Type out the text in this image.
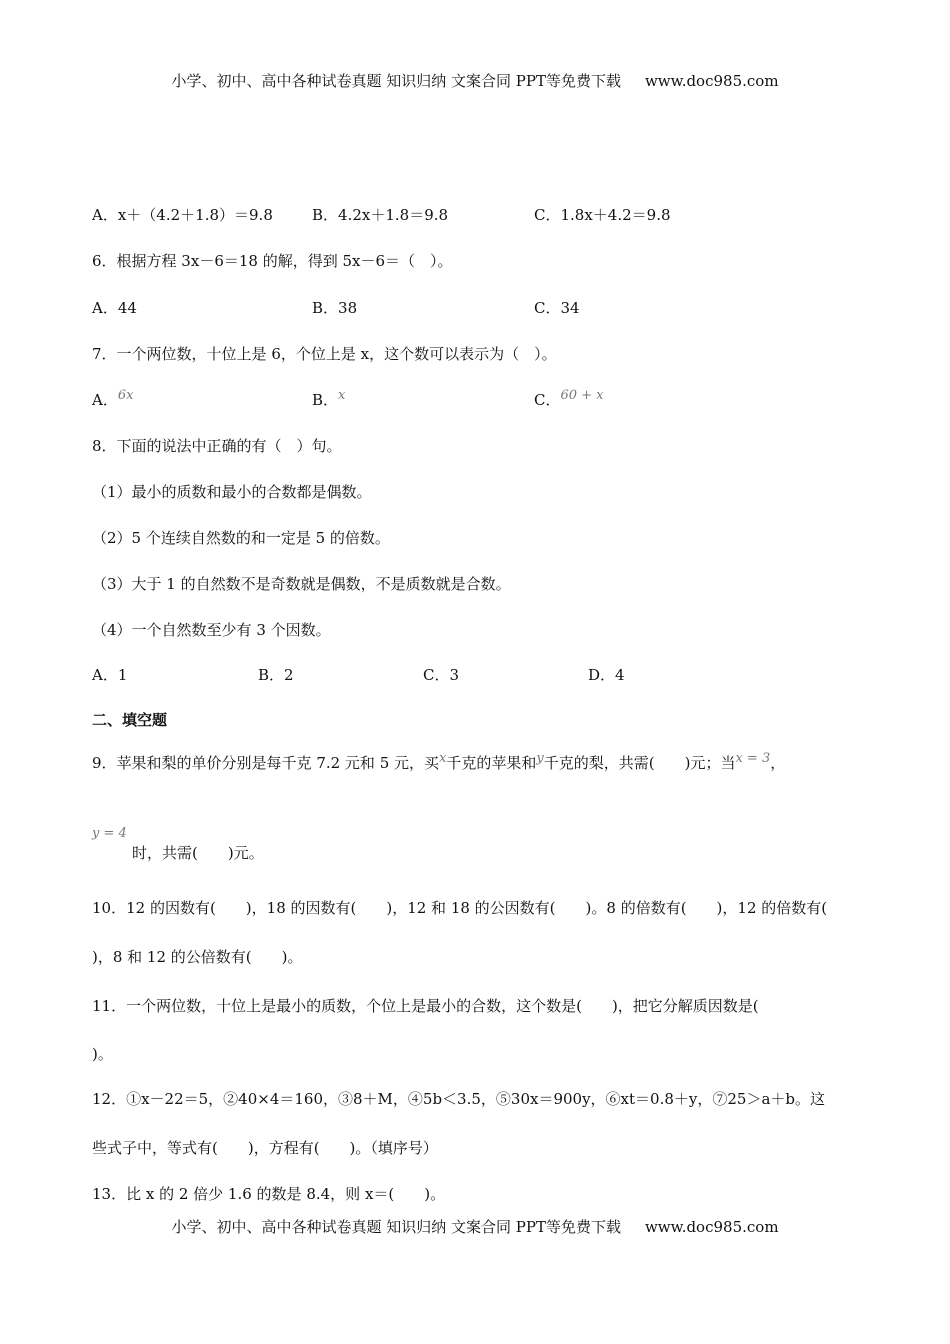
小学、初中、高中各种试卷真题 知识归纳 文案合同 PPT等免费下载 www.doc985.com
A．x＋（4.2＋1.8）＝9.8	B．4.2x＋1.8＝9.8	C．1.8x＋4.2＝9.8
6．根据方程 3x－6＝18 的解，得到 5x－6＝（　）。
A．44	B．38	C．34
7．一个两位数，十位上是 6，个位上是 x，这个数可以表示为（　）。
A．6x	B．x	C．60 + x
8．下面的说法中正确的有（　）句。
（1）最小的质数和最小的合数都是偶数。
（2）5 个连续自然数的和一定是 5 的倍数。
（3）大于 1 的自然数不是奇数就是偶数，不是质数就是合数。
（4）一个自然数至少有 3 个因数。
A．1	B．2	C．3	D．4
二、填空题
9．苹果和梨的单价分别是每千克 7.2 元和 5 元，买x千克的苹果和y千克的梨，共需(　　)元；当x = 3，
y = 4
时，共需(　　)元。
10．12 的因数有(　　)，18 的因数有(　　)，12 和 18 的公因数有(　　)。8 的倍数有(　　)，12 的倍数有(
)，8 和 12 的公倍数有(　　)。
11．一个两位数，十位上是最小的质数，个位上是最小的合数，这个数是(　　)，把它分解质因数是(
)。
12．①x－22＝5，②40×4＝160，③8＋M，④5b＜3.5，⑤30x＝900y，⑥xt＝0.8＋y，⑦25＞a＋b。这
些式子中，等式有(　　)，方程有(　　)。（填序号）
13．比 x 的 2 倍少 1.6 的数是 8.4，则 x＝(　　)。
小学、初中、高中各种试卷真题 知识归纳 文案合同 PPT等免费下载 www.doc985.com
